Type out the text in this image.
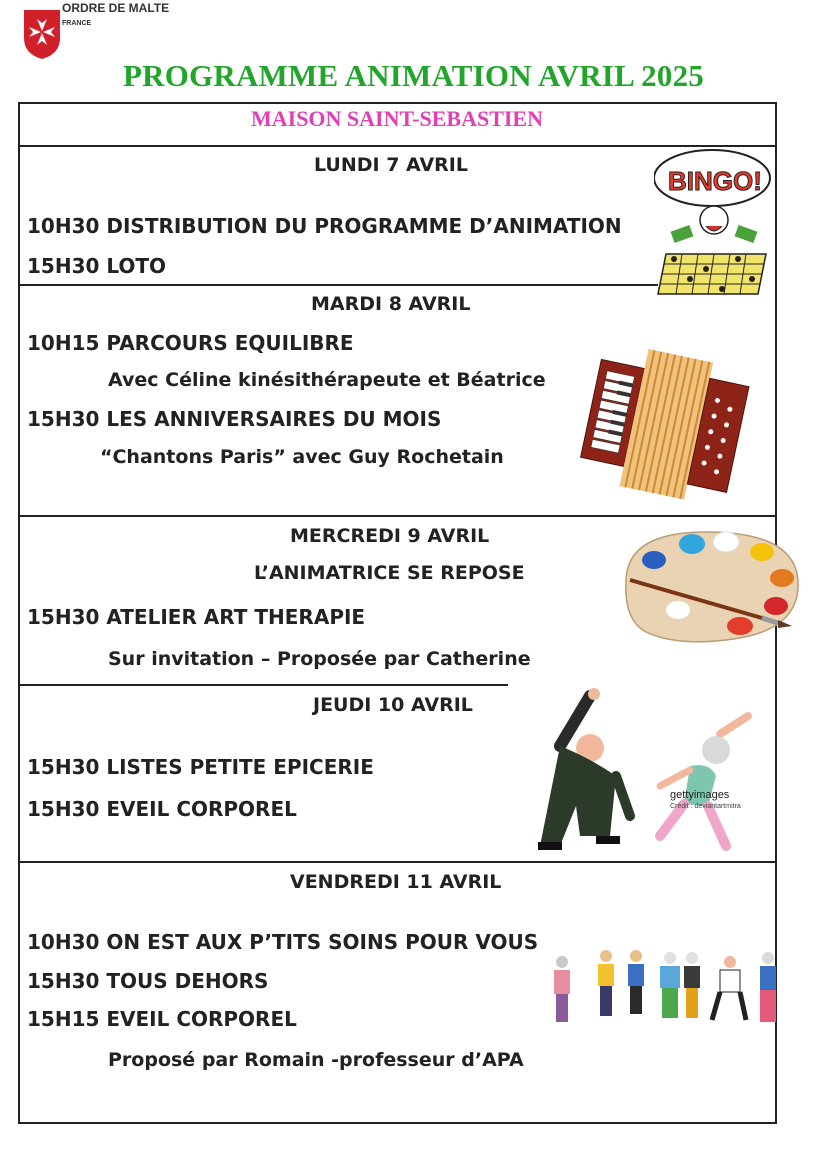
ORDRE DE MALTE
FRANCE
PROGRAMME ANIMATION AVRIL 2025
MAISON SAINT-SEBASTIEN
LUNDI 7 AVRIL
10H30 DISTRIBUTION DU PROGRAMME D’ANIMATION
15H30 LOTO
BINGO!
MARDI 8 AVRIL
10H15 PARCOURS EQUILIBRE
Avec Céline kinésithérapeute et Béatrice
15H30 LES ANNIVERSAIRES DU MOIS
“Chantons Paris” avec Guy Rochetain
MERCREDI 9 AVRIL
L’ANIMATRICE SE REPOSE
15H30 ATELIER ART THERAPIE
Sur invitation – Proposée par Catherine
JEUDI 10 AVRIL
15H30 LISTES PETITE EPICERIE
15H30 EVEIL CORPOREL
gettyimages
Crédit : deviantartmitra
VENDREDI 11 AVRIL
10H30 ON EST AUX P’TITS SOINS POUR VOUS
15H30 TOUS DEHORS
15H15 EVEIL CORPOREL
Proposé par Romain -professeur d’APA
